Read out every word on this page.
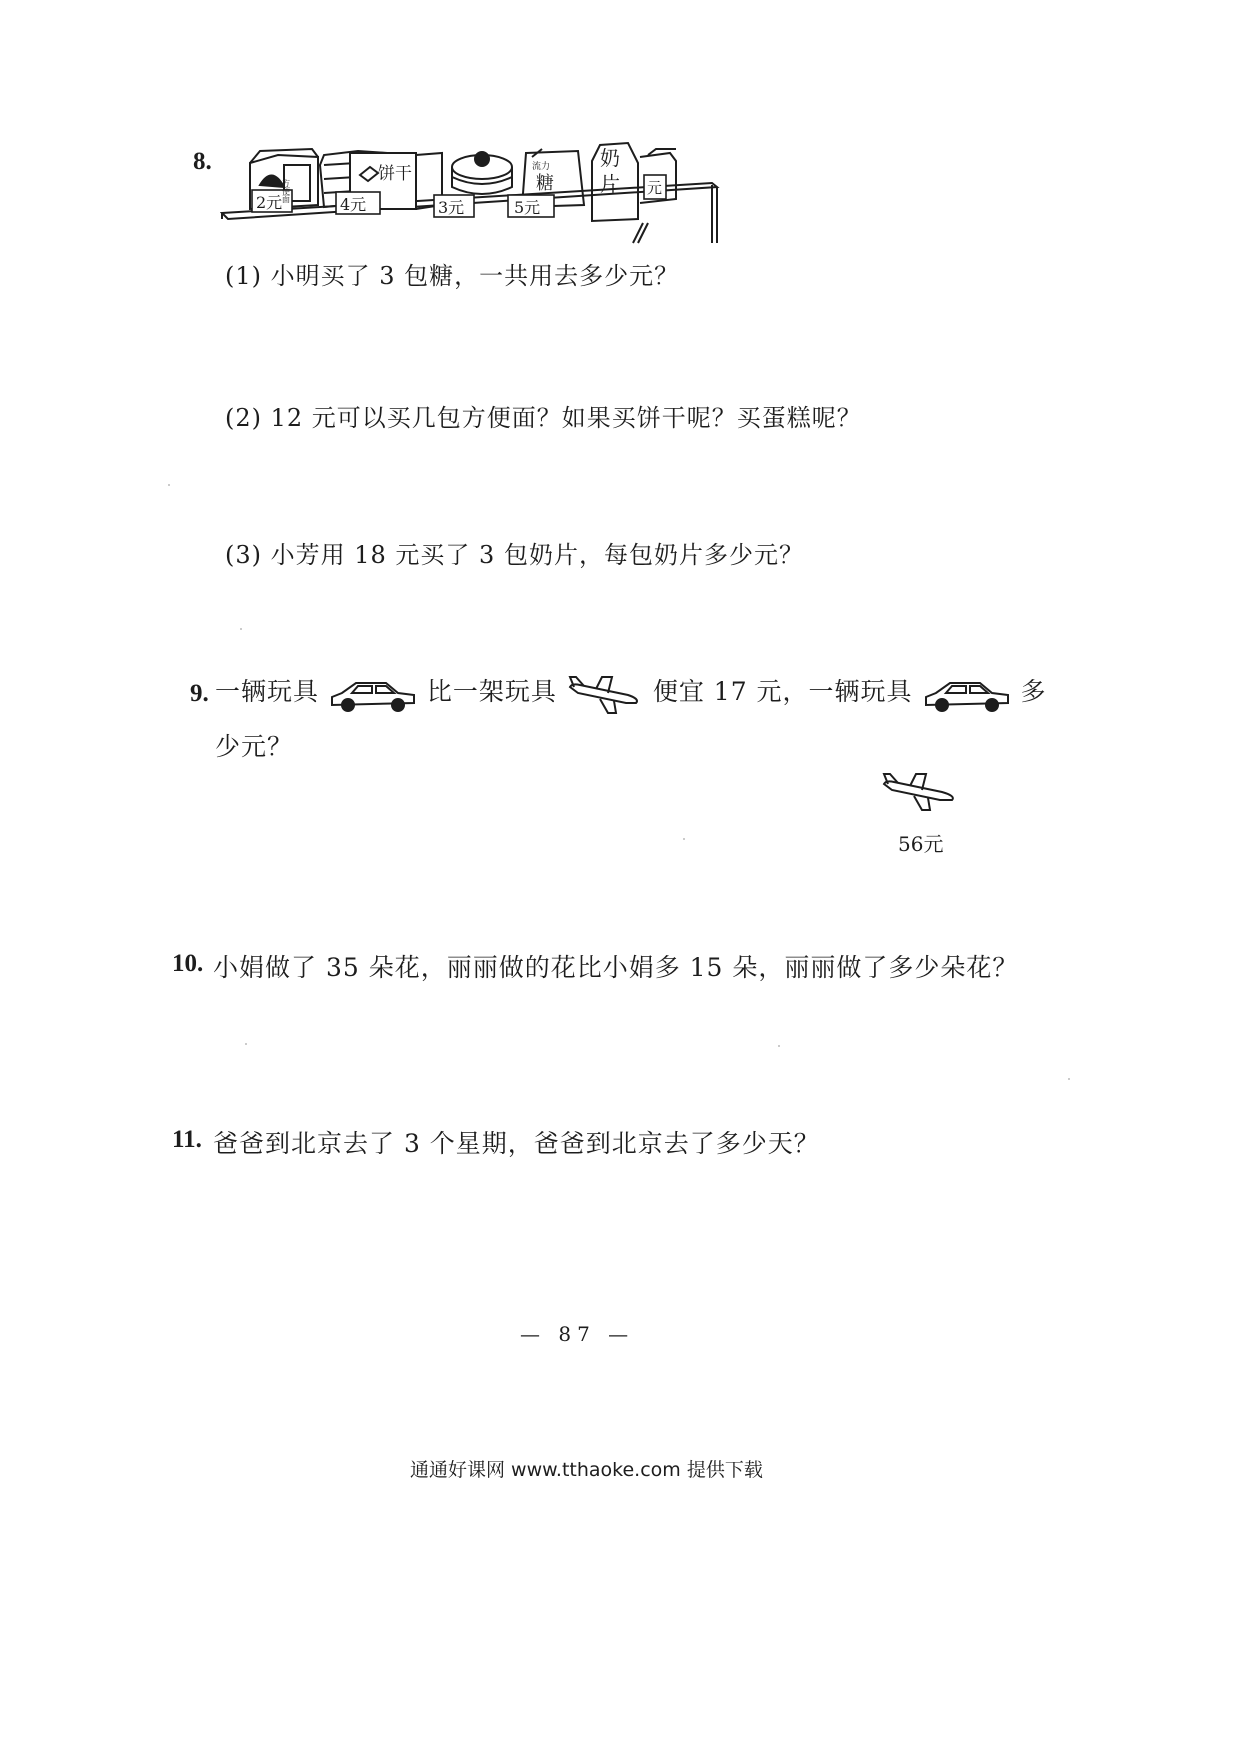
8.
2元	4元	3元	5元
元
方便面
饼干	流力
糖
奶
片
(1) 小明买了 3 包糖，一共用去多少元？
(2) 12 元可以买几包方便面？如果买饼干呢？买蛋糕呢？
(3) 小芳用 18 元买了 3 包奶片，每包奶片多少元？
9. 一辆玩具	比一架玩具	便宜 17 元，一辆玩具	多
少元？
56元
10. 小娟做了 35 朵花，丽丽做的花比小娟多 15 朵，丽丽做了多少朵花？
11. 爸爸到北京去了 3 个星期，爸爸到北京去了多少天？
— 87 —
通通好课网 www.tthaoke.com 提供下载
